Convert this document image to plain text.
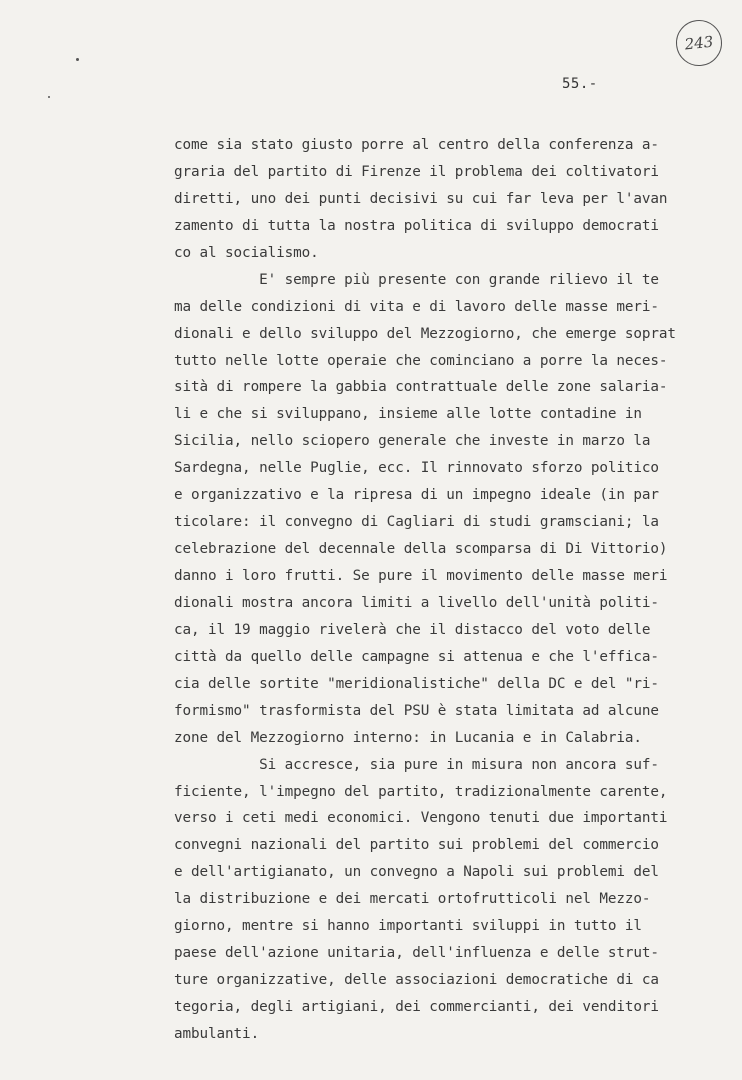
243
55.-
come sia stato giusto porre al centro della conferenza a-
graria del partito di Firenze il problema dei coltivatori
diretti, uno dei punti decisivi su cui far leva per l'avan
zamento di tutta la nostra politica di sviluppo democrati
co al socialismo.
E' sempre più presente con grande rilievo il te
ma delle condizioni di vita e di lavoro delle masse meri-
dionali e dello sviluppo del Mezzogiorno, che emerge soprat
tutto nelle lotte operaie che cominciano a porre la neces-
sità di rompere la gabbia contrattuale delle zone salaria-
li e che si sviluppano, insieme alle lotte contadine in
Sicilia, nello sciopero generale che investe in marzo la
Sardegna, nelle Puglie, ecc. Il rinnovato sforzo politico
e organizzativo e la ripresa di un impegno ideale (in par
ticolare: il convegno di Cagliari di studi gramsciani; la
celebrazione del decennale della scomparsa di Di Vittorio)
danno i loro frutti. Se pure il movimento delle masse meri
dionali mostra ancora limiti a livello dell'unità politi-
ca, il 19 maggio rivelerà che il distacco del voto delle
città da quello delle campagne si attenua e che l'effica-
cia delle sortite "meridionalistiche" della DC e del "ri-
formismo" trasformista del PSU è stata limitata ad alcune
zone del Mezzogiorno interno: in Lucania e in Calabria.
Si accresce, sia pure in misura non ancora suf-
ficiente, l'impegno del partito, tradizionalmente carente,
verso i ceti medi economici. Vengono tenuti due importanti
convegni nazionali del partito sui problemi del commercio
e dell'artigianato, un convegno a Napoli sui problemi del
la distribuzione e dei mercati ortofrutticoli nel Mezzo-
giorno, mentre si hanno importanti sviluppi in tutto il
paese dell'azione unitaria, dell'influenza e delle strut-
ture organizzative, delle associazioni democratiche di ca
tegoria, degli artigiani, dei commercianti, dei venditori
ambulanti.
